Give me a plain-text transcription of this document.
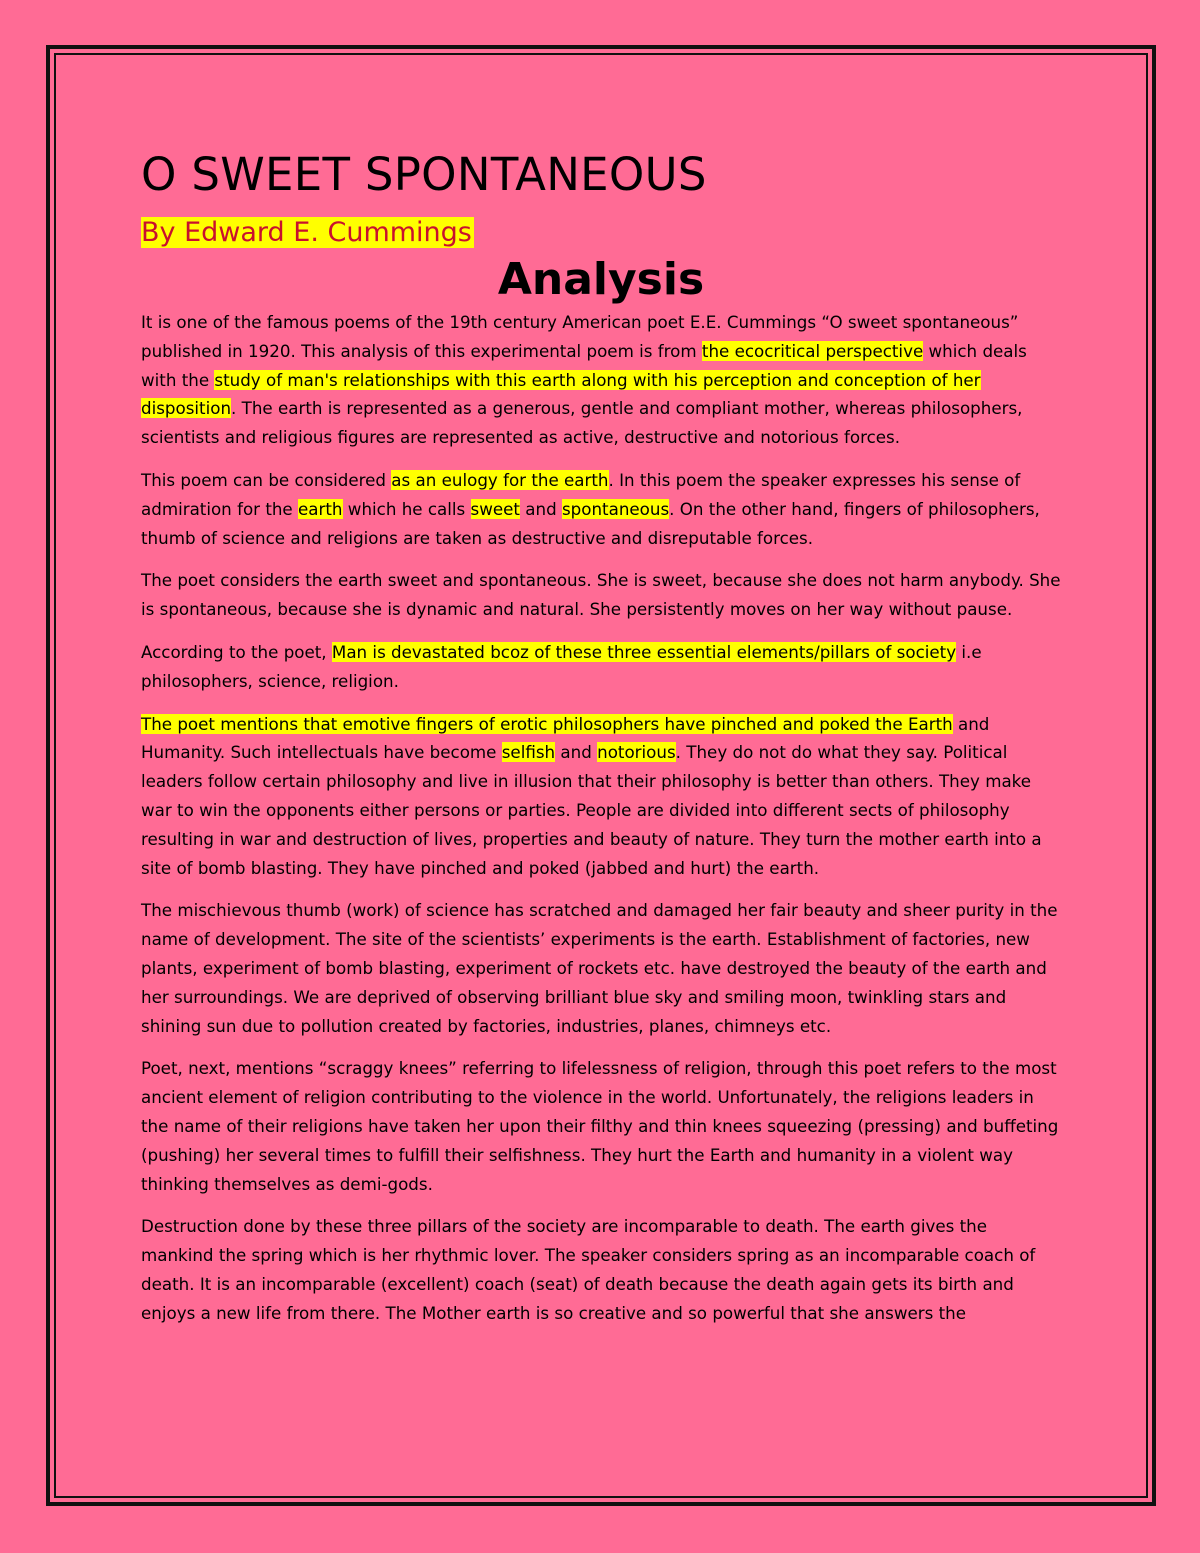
O SWEET SPONTANEOUS
By Edward E. Cummings
Analysis

It is one of the famous poems of the 19th century American poet E.E. Cummings “O sweet spontaneous” published in 1920. This analysis of this experimental poem is from the ecocritical perspective which deals with the study of man's relationships with this earth along with his perception and conception of her disposition. The earth is represented as a generous, gentle and compliant mother, whereas philosophers, scientists and religious figures are represented as active, destructive and notorious forces.

This poem can be considered as an eulogy for the earth. In this poem the speaker expresses his sense of admiration for the earth which he calls sweet and spontaneous. On the other hand, fingers of philosophers, thumb of science and religions are taken as destructive and disreputable forces.

The poet considers the earth sweet and spontaneous. She is sweet, because she does not harm anybody. She is spontaneous, because she is dynamic and natural. She persistently moves on her way without pause.

According to the poet, Man is devastated bcoz of these three essential elements/pillars of society i.e philosophers, science, religion.

The poet mentions that emotive fingers of erotic philosophers have pinched and poked the Earth and Humanity. Such intellectuals have become selfish and notorious. They do not do what they say. Political leaders follow certain philosophy and live in illusion that their philosophy is better than others. They make war to win the opponents either persons or parties. People are divided into different sects of philosophy resulting in war and destruction of lives, properties and beauty of nature. They turn the mother earth into a site of bomb blasting. They have pinched and poked (jabbed and hurt) the earth.

The mischievous thumb (work) of science has scratched and damaged her fair beauty and sheer purity in the name of development. The site of the scientists’ experiments is the earth. Establishment of factories, new plants, experiment of bomb blasting, experiment of rockets etc. have destroyed the beauty of the earth and her surroundings. We are deprived of observing brilliant blue sky and smiling moon, twinkling stars and shining sun due to pollution created by factories, industries, planes, chimneys etc.

Poet, next, mentions “scraggy knees” referring to lifelessness of religion, through this poet refers to the most ancient element of religion contributing to the violence in the world. Unfortunately, the religions leaders in the name of their religions have taken her upon their filthy and thin knees squeezing (pressing) and buffeting (pushing) her several times to fulfill their selfishness. They hurt the Earth and humanity in a violent way thinking themselves as demi-gods.

Destruction done by these three pillars of the society are incomparable to death. The earth gives the mankind the spring which is her rhythmic lover. The speaker considers spring as an incomparable coach of death. It is an incomparable (excellent) coach (seat) of death because the death again gets its birth and enjoys a new life from there. The Mother earth is so creative and so powerful that she answers the
